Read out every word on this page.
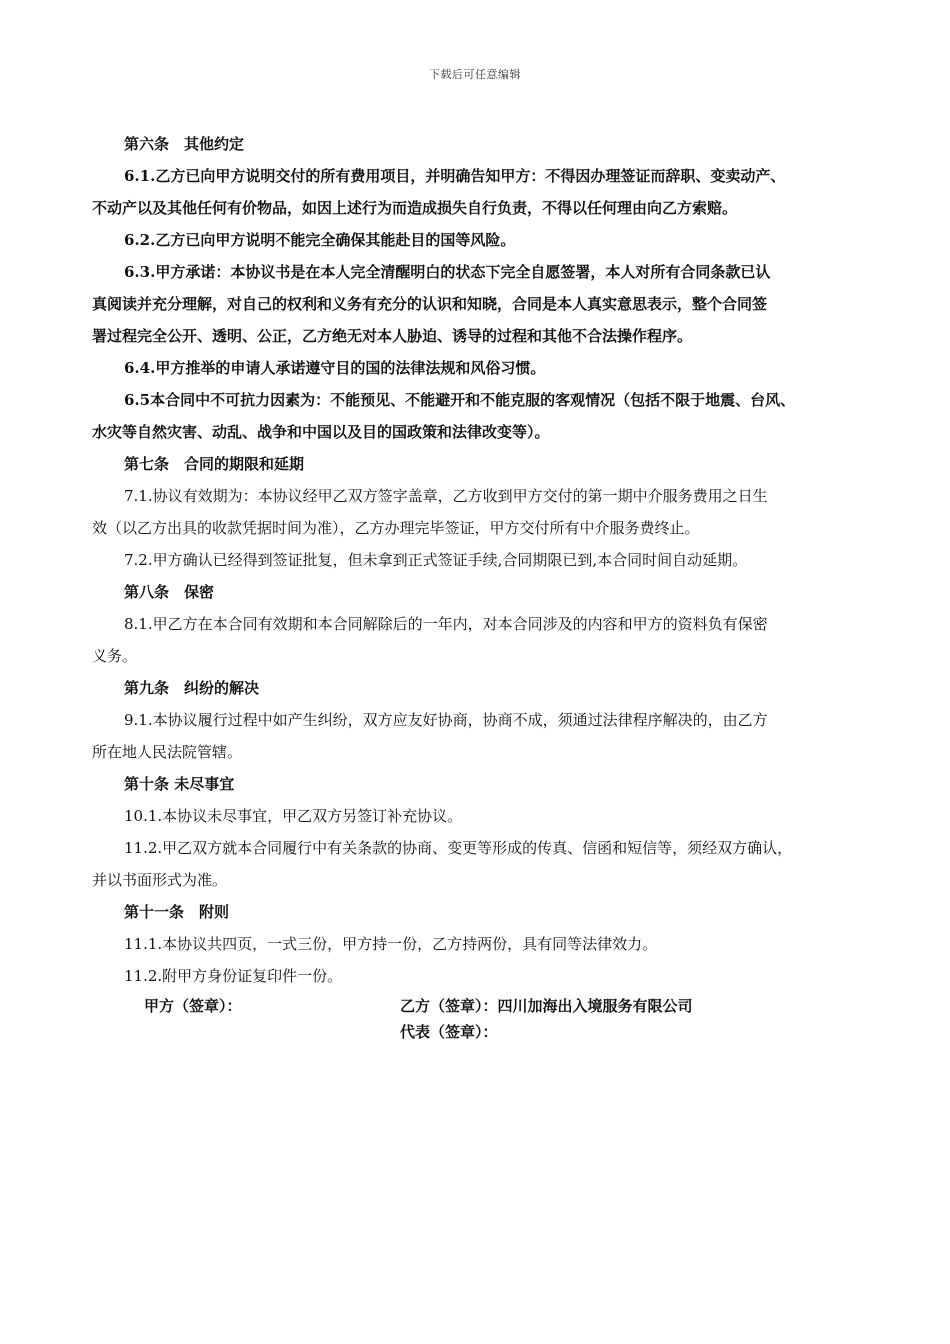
下载后可任意编辑
第六条　其他约定
6.1.乙方已向甲方说明交付的所有费用项目，并明确告知甲方：不得因办理签证而辞职、变卖动产、
不动产以及其他任何有价物品，如因上述行为而造成损失自行负责，不得以任何理由向乙方索赔。
6.2.乙方已向甲方说明不能完全确保其能赴目的国等风险。
6.3.甲方承诺：本协议书是在本人完全清醒明白的状态下完全自愿签署，本人对所有合同条款已认
真阅读并充分理解，对自己的权利和义务有充分的认识和知晓，合同是本人真实意思表示，整个合同签
署过程完全公开、透明、公正，乙方绝无对本人胁迫、诱导的过程和其他不合法操作程序。
6.4.甲方推举的申请人承诺遵守目的国的法律法规和风俗习惯。
6.5本合同中不可抗力因素为：不能预见、不能避开和不能克服的客观情况（包括不限于地震、台风、
水灾等自然灾害、动乱、战争和中国以及目的国政策和法律改变等）。
第七条　合同的期限和延期
7.1.协议有效期为：本协议经甲乙双方签字盖章，乙方收到甲方交付的第一期中介服务费用之日生
效（以乙方出具的收款凭据时间为准），乙方办理完毕签证，甲方交付所有中介服务费终止。
7.2.甲方确认已经得到签证批复，但未拿到正式签证手续,合同期限已到,本合同时间自动延期。
第八条　保密
8.1.甲乙方在本合同有效期和本合同解除后的一年内，对本合同涉及的内容和甲方的资料负有保密
义务。
第九条　纠纷的解决
9.1.本协议履行过程中如产生纠纷，双方应友好协商，协商不成，须通过法律程序解决的，由乙方
所在地人民法院管辖。
第十条 未尽事宜
10.1.本协议未尽事宜，甲乙双方另签订补充协议。
11.2.甲乙双方就本合同履行中有关条款的协商、变更等形成的传真、信函和短信等，须经双方确认，
并以书面形式为准。
第十一条　附则
11.1.本协议共四页，一式三份，甲方持一份，乙方持两份，具有同等法律效力。
11.2.附甲方身份证复印件一份。
甲方（签章）：	乙方（签章）：四川加海出入境服务有限公司
代表（签章）：
